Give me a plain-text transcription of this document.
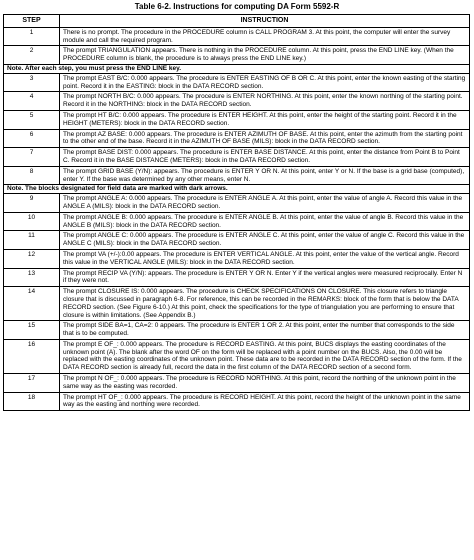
Table 6-2. Instructions for computing DA Form 5592-R
STEP	INSTRUCTION
1	There is no prompt. The procedure in the PROCEDURE column is CALL PROGRAM 3. At this point, the computer will enter the survey module and call the required program.
2	The prompt TRIANGULATION appears. There is nothing in the PROCEDURE column. At this point, press the END LINE key. (When the PROCEDURE column is blank, the procedure is to always press the END LINE key.)
Note. After each step, you must press the END LINE key.	
3	The prompt EAST B/C: 0.000 appears. The procedure is ENTER EASTING OF B OR C. At this point, enter the known easting of the starting point. Record it in the EASTING: block in the DATA RECORD section.
4	The prompt NORTH B/C: 0.000 appears. The procedure is ENTER NORTHING. At this point, enter the known northing of the starting point. Record it in the NORTHING: block in the DATA RECORD section.
5	The prompt HT B/C: 0.000 appears. The procedure is ENTER HEIGHT. At this point, enter the height of the starting point. Record it in the HEIGHT (METERS): block in the DATA RECORD section.
6	The prompt AZ BASE: 0.000 appears. The procedure is ENTER AZIMUTH OF BASE. At this point, enter the azimuth from the starting point to the other end of the base. Record it in the AZIMUTH OF BASE (MILS): block in the DATA RECORD section.
7	The prompt BASE DIST: 0.000 appears. The procedure is ENTER BASE DISTANCE. At this point, enter the distance from Point B to Point C. Record it in the BASE DISTANCE (METERS): block in the DATA RECORD section.
8	The prompt GRID BASE (Y/N): appears. The procedure is ENTER Y OR N. At this point, enter Y or N. If the base is a grid base (computed), enter Y. If the base was determined by any other means, enter N.
Note. The blocks designated for field data are marked with dark arrows.	
9	The prompt ANGLE A: 0.000 appears. The procedure is ENTER ANGLE A. At this point, enter the value of angle A. Record this value in the ANGLE A (MILS): block in the DATA RECORD section.
10	The prompt ANGLE B: 0.000 appears. The procedure is ENTER ANGLE B. At this point, enter the value of angle B. Record this value in the ANGLE B (MILS): block in the DATA RECORD section.
11	The prompt ANGLE C: 0.000 appears. The procedure is ENTER ANGLE C. At this point, enter the value of angle C. Record this value in the ANGLE C (MILS): block in the DATA RECORD section.
12	The prompt VA (+/-):0.00 appears. The procedure is ENTER VERTICAL ANGLE. At this point, enter the value of the vertical angle. Record this value in the VERTICAL ANGLE (MILS): block in the DATA RECORD section.
13	The prompt RECIP VA (Y/N): appears. The procedure is ENTER Y OR N. Enter Y if the vertical angles were measured reciprocally. Enter N if they were not.
14	The prompt CLOSURE IS: 0.000 appears. The procedure is CHECK SPECIFICATIONS ON CLOSURE. This closure refers to triangle closure that is discussed in paragraph 6-8. For reference, this can be recorded in the REMARKS: block of the form that is below the DATA RECORD section. (See Figure 6-10.) At this point, check the specifications for the type of triangulation you are performing to ensure that closure is within limitations. (See Appendix B.)
15	The prompt SIDE BA=1, CA=2: 0 appears. The procedure is ENTER 1 OR 2. At this point, enter the number that corresponds to the side that is to be computed.
16	The prompt E OF_: 0.000 appears. The procedure is RECORD EASTING. At this point, BUCS displays the easting coordinates of the unknown point (A). The blank after the word OF on the form will be replaced with a point number on the BUCS. Also, the 0.00 will be replaced with the easting coordinates of the unknown point. These data are to be recorded in the DATA RECORD section of the form. If the DATA RECORD section is already full, record the data in the first column of the DATA RECORD section of a second form.
17	The prompt N OF_: 0.000 appears. The procedure is RECORD NORTHING. At this point, record the northing of the unknown point in the same way as the easting was recorded.
18	The prompt HT OF_: 0.000 appears. The procedure is RECORD HEIGHT. At this point, record the height of the unknown point in the same way as the easting and northing were recorded.
